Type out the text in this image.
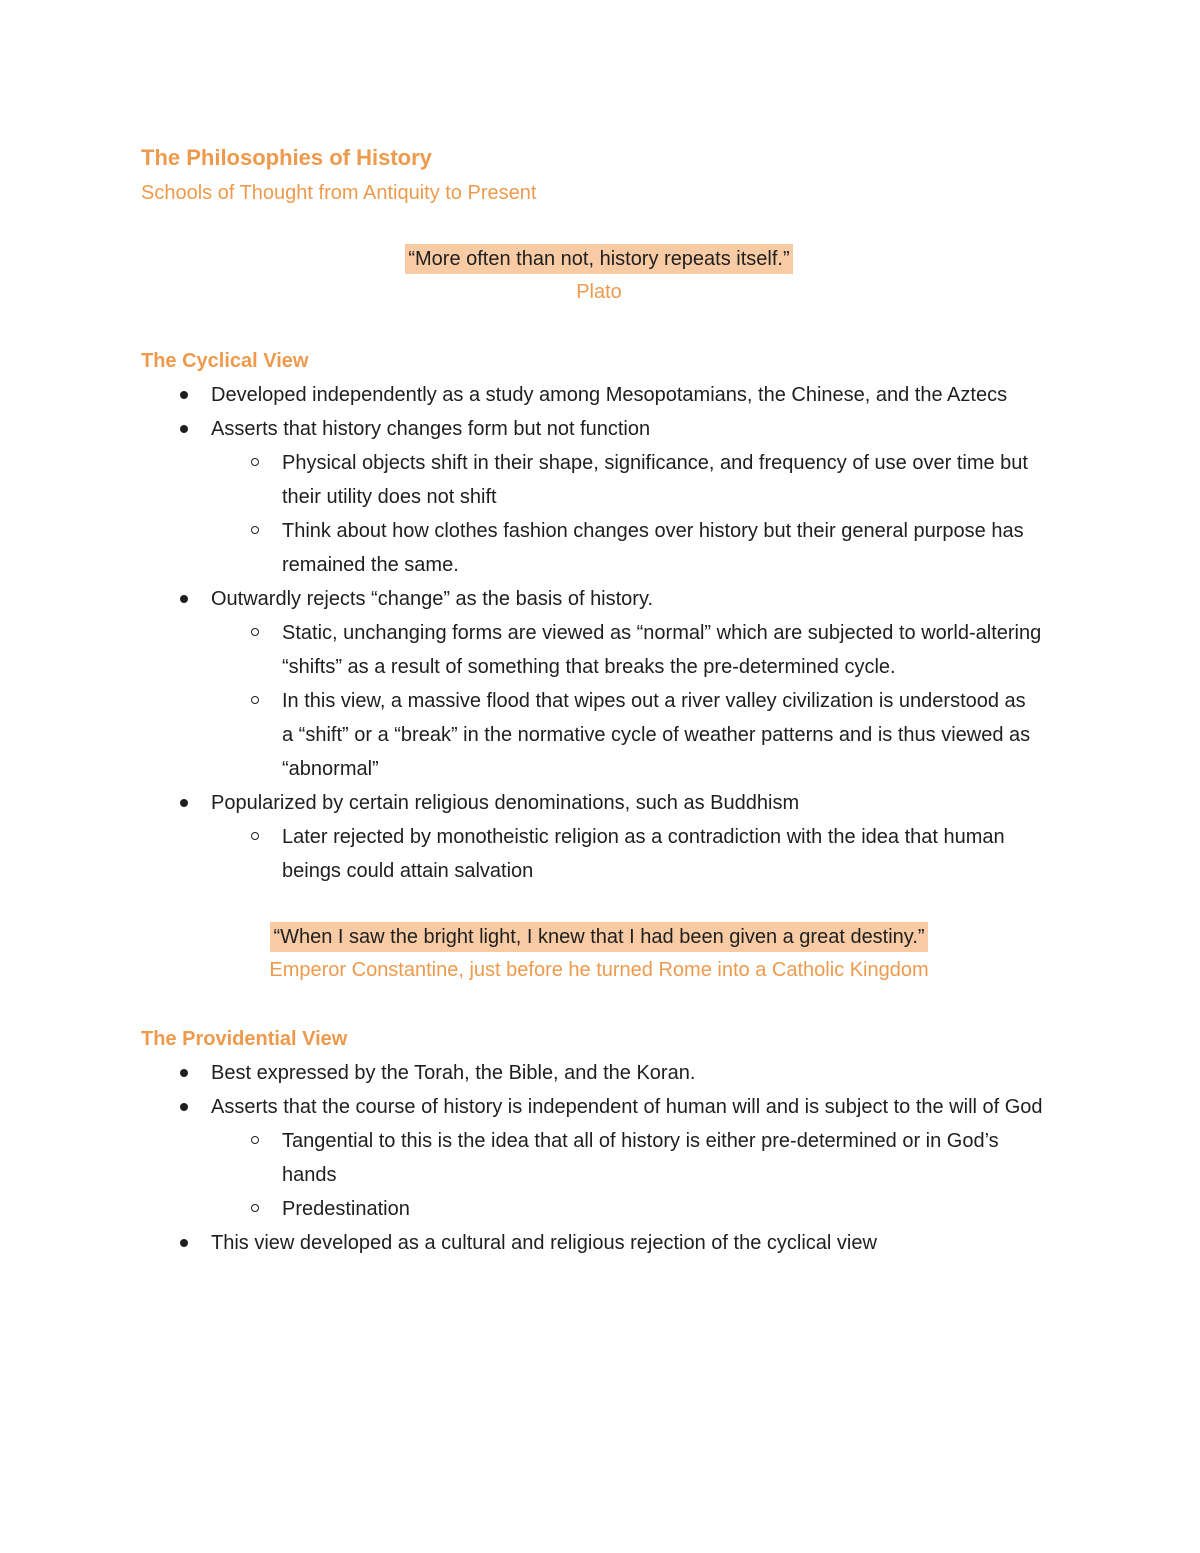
The Philosophies of History

Schools of Thought from Antiquity to Present

“More often than not, history repeats itself.”
Plato
The Cyclical View
Developed independently as a study among Mesopotamians, the Chinese, and the Aztecs
Asserts that history changes form but not function
Physical objects shift in their shape, significance, and frequency of use over time but their utility does not shift
Think about how clothes fashion changes over history but their general purpose has remained the same.
Outwardly rejects “change” as the basis of history.
Static, unchanging forms are viewed as “normal” which are subjected to world-altering “shifts” as a result of something that breaks the pre-determined cycle.
In this view, a massive flood that wipes out a river valley civilization is understood as a “shift” or a “break” in the normative cycle of weather patterns and is thus viewed as “abnormal”
Popularized by certain religious denominations, such as Buddhism
Later rejected by monotheistic religion as a contradiction with the idea that human beings could attain salvation
“When I saw the bright light, I knew that I had been given a great destiny.”
Emperor Constantine, just before he turned Rome into a Catholic Kingdom
The Providential View
Best expressed by the Torah, the Bible, and the Koran.
Asserts that the course of history is independent of human will and is subject to the will of God
Tangential to this is the idea that all of history is either pre-determined or in God’s hands
Predestination
This view developed as a cultural and religious rejection of the cyclical view
